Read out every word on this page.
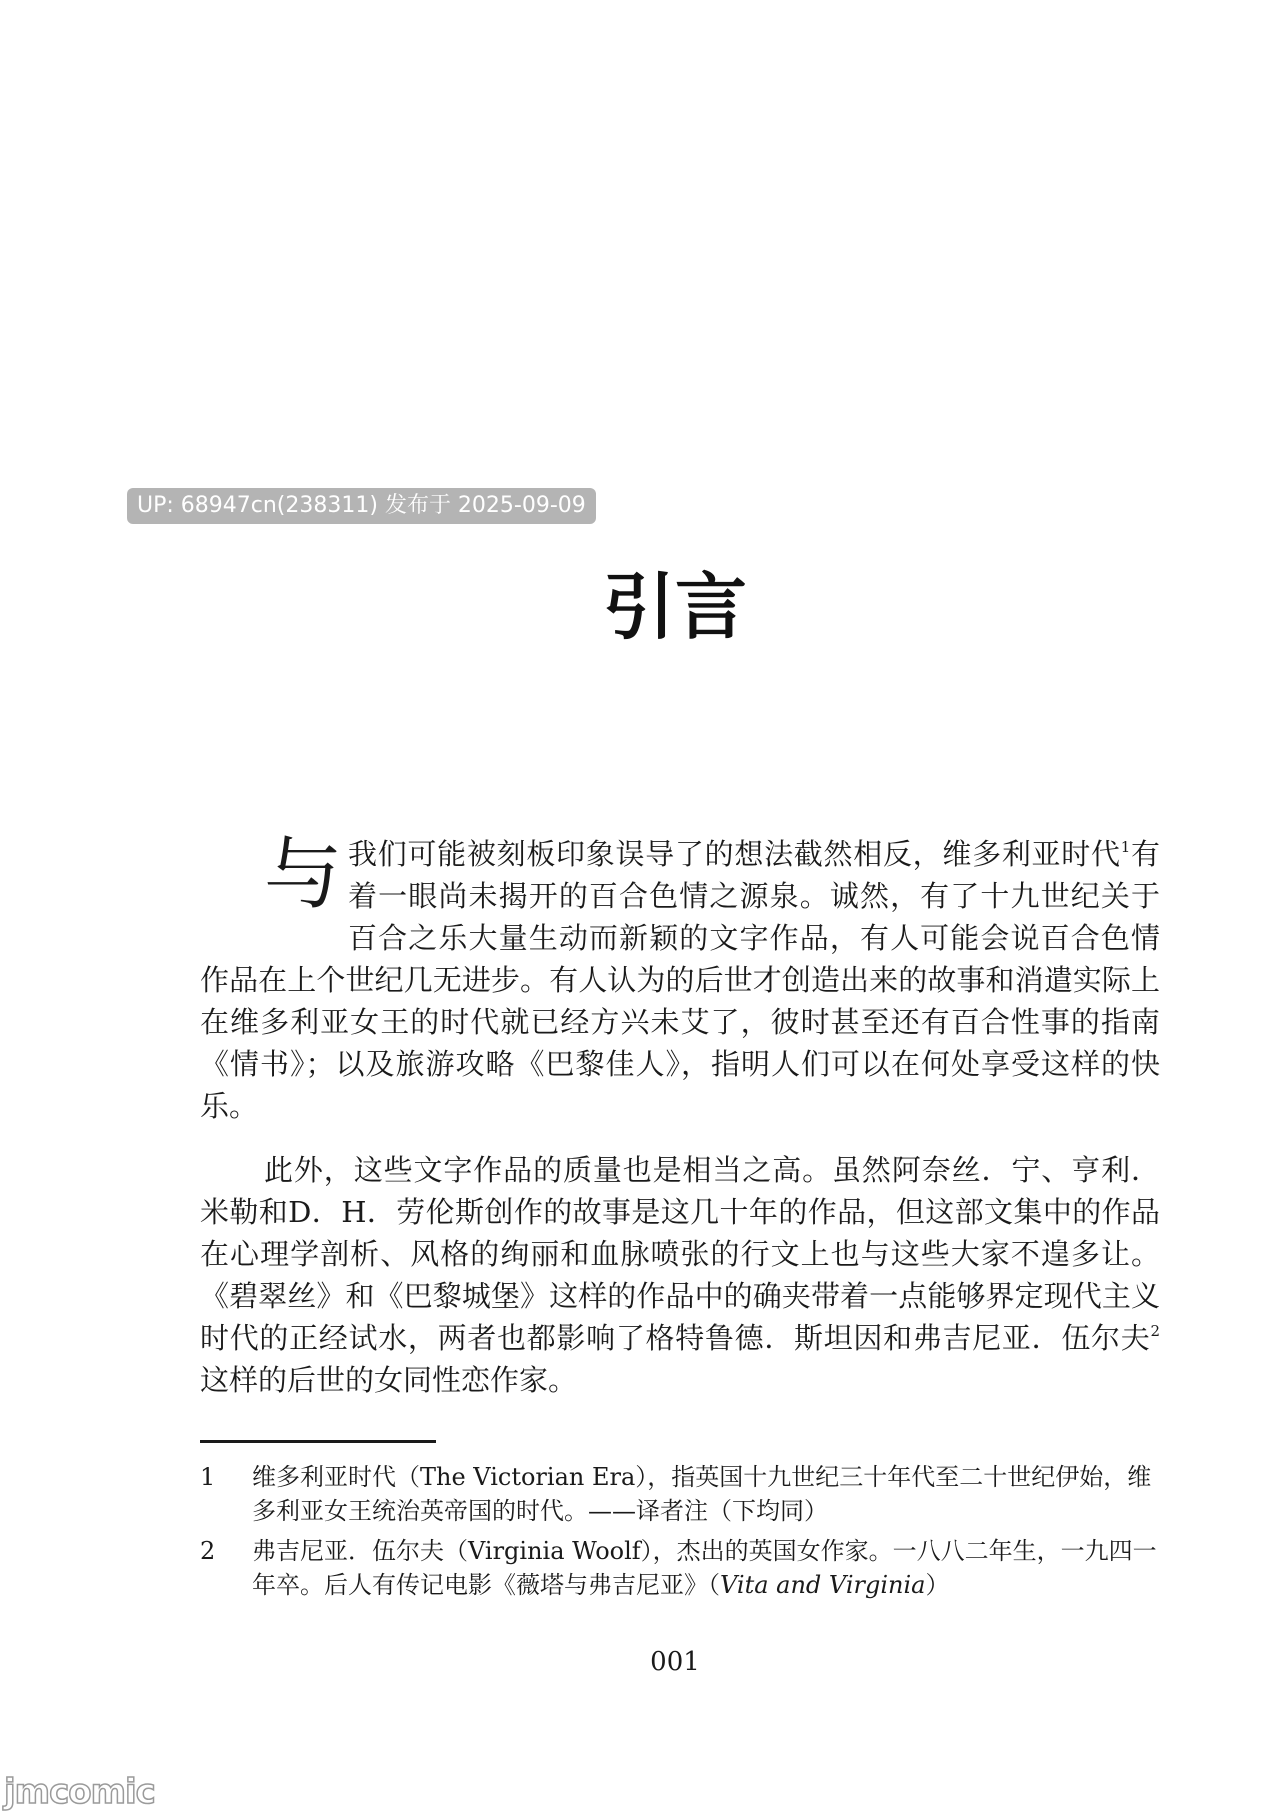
UP: 68947cn(238311) 发布于 2025-09-09
引言

与我们可能被刻板印象误导了的想法截然相反，维多利亚时代$^1$有着一眼尚未揭开的百合色情之源泉。诚然，有了十九世纪关于百合之乐大量生动而新颖的文字作品，有人可能会说百合色情作品在上个世纪几无进步。有人认为的后世才创造出来的故事和消遣实际上在维多利亚女王的时代就已经方兴未艾了，彼时甚至还有百合性事的指南《情书》；以及旅游攻略《巴黎佳人》，指明人们可以在何处享受这样的快乐。

此外，这些文字作品的质量也是相当之高。虽然阿奈丝．宁、亨利．米勒和D．H．劳伦斯创作的故事是这几十年的作品，但这部文集中的作品在心理学剖析、风格的绚丽和血脉喷张的行文上也与这些大家不遑多让。《碧翠丝》和《巴黎城堡》这样的作品中的确夹带着一点能够界定现代主义时代的正经试水，两者也都影响了格特鲁德．斯坦因和弗吉尼亚．伍尔夫$^2$这样的后世的女同性恋作家。

1	维多利亚时代（The Victorian Era），指英国十九世纪三十年代至二十世纪伊始，维多利亚女王统治英帝国的时代。——译者注（下均同）
2	弗吉尼亚．伍尔夫（Virginia Woolf），杰出的英国女作家。一八八二年生，一九四一年卒。后人有传记电影《薇塔与弗吉尼亚》（Vita and Virginia）
001
jmcomic
